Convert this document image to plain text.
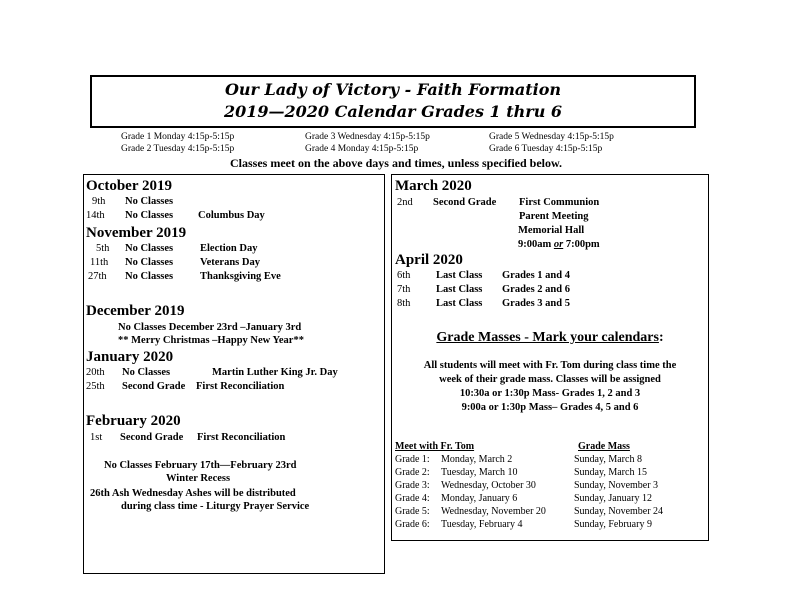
Our Lady of Victory - Faith Formation
2019—2020 Calendar Grades 1 thru 6
Grade 1 Monday 4:15p-5:15p
Grade 2 Tuesday 4:15p-5:15p
Grade 3 Wednesday 4:15p-5:15p
Grade 4 Monday 4:15p-5:15p
Grade 5 Wednesday 4:15p-5:15p
Grade 6 Tuesday 4:15p-5:15p
Classes meet on the above days and times, unless specified below.
October 2019
9th No Classes
14th No Classes Columbus Day
November 2019
5th No Classes	Election Day
11th No Classes	Veterans Day
27th No Classes	Thanksgiving Eve
December 2019
No Classes December 23rd –January 3rd
** Merry Christmas –Happy New Year**
January 2020
20th No Classes	Martin Luther King Jr. Day
25th Second Grade First Reconciliation
February 2020
1st Second Grade First Reconciliation
No Classes February 17th—February 23rd
Winter Recess
26th Ash Wednesday Ashes will be distributed
during class time - Liturgy Prayer Service
March 2020
2nd Second Grade First Communion
Parent Meeting
Memorial Hall
9:00am or 7:00pm
April 2020
6th Last Class Grades 1 and 4
7th Last Class Grades 2 and 6
8th Last Class Grades 3 and 5
Grade Masses - Mark your calendars:
All students will meet with Fr. Tom during class time the
week of their grade mass. Classes will be assigned
10:30a or 1:30p Mass- Grades 1, 2 and 3
9:00a or 1:30p Mass– Grades 4, 5 and 6
Meet with Fr. Tom	Grade Mass
Grade 1: Monday, March 2	Sunday, March 8
Grade 2: Tuesday, March 10	Sunday, March 15
Grade 3: Wednesday, October 30	Sunday, November 3
Grade 4: Monday, January 6	Sunday, January 12
Grade 5: Wednesday, November 20	Sunday, November 24
Grade 6: Tuesday, February 4	Sunday, February 9
